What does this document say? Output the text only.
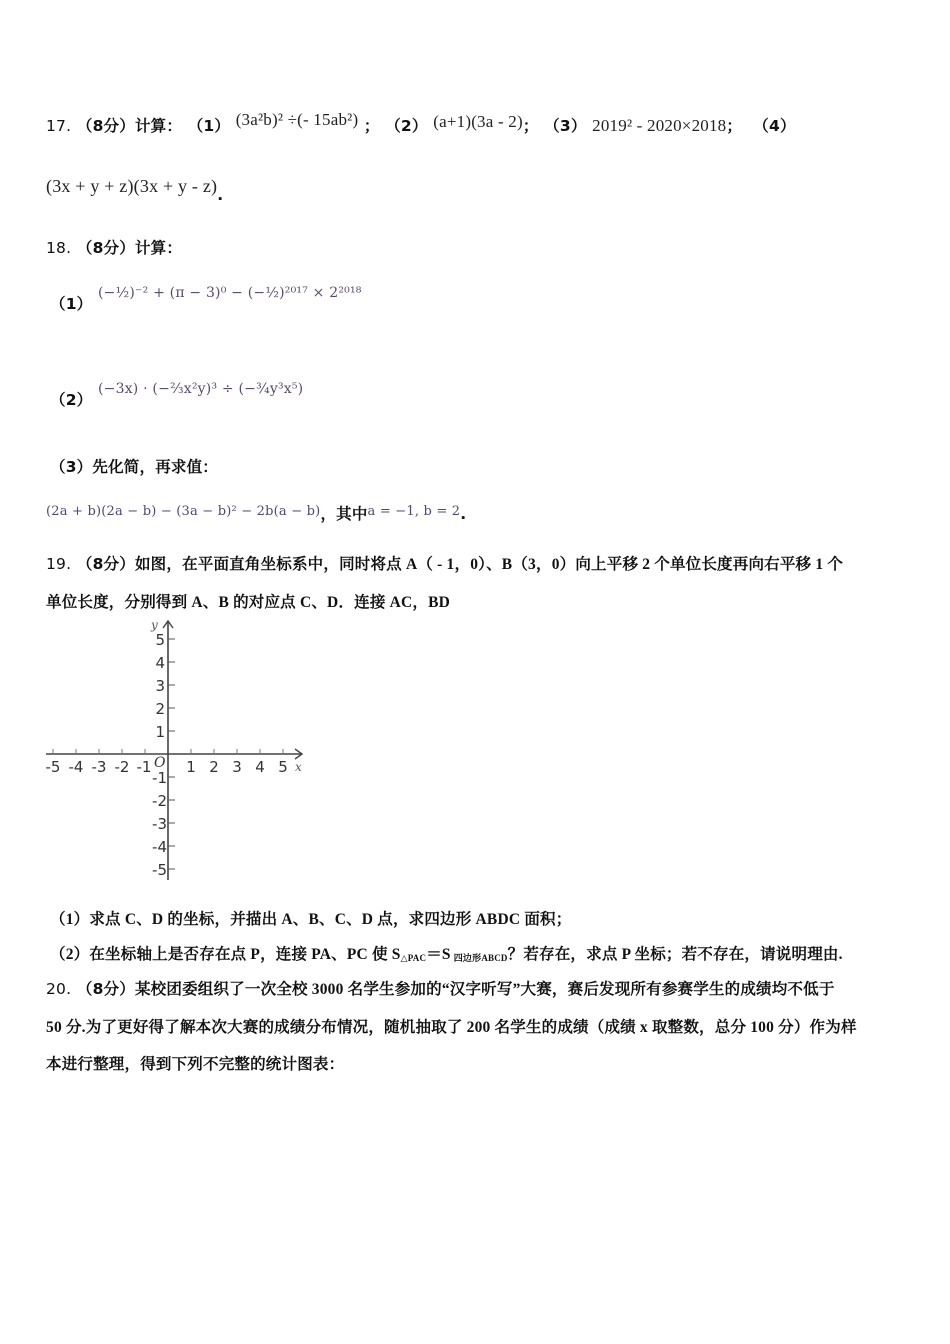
17. （8分）计算： （1） (3a²b)² ÷(- 15ab²) ； （2） (a+1)(3a - 2)； （3） 2019² - 2020×2018； （4）
(3x + y + z)(3x + y - z).
18. （8分）计算：
（1） (−½)⁻² + (π − 3)⁰ − (−½)²⁰¹⁷ × 2²⁰¹⁸
（2） (−3x) · (−⅔x²y)³ ÷ (−¾y³x⁵)
（3）先化简，再求值：
(2a + b)(2a − b) − (3a − b)² − 2b(a − b)，其中a = −1, b = 2.
19. （8分）如图，在平面直角坐标系中，同时将点 A（ - 1，0）、B（3，0）向上平移 2 个单位长度再向右平移 1 个
单位长度，分别得到 A、B 的对应点 C、D．连接 AC，BD
-5 -4 -3 -2 -1 1 2 3 4 5
5
4
3
2
1
-1
-2
-3
-4
-5
O	x
y
（1）求点 C、D 的坐标，并描出 A、B、C、D 点，求四边形 ABDC 面积；
（2）在坐标轴上是否存在点 P，连接 PA、PC 使 $S_{\triangle PAC}=S$ $_{四边形ABCD}$？若存在，求点 P 坐标；若不存在，请说明理由.
20. （8分）某校团委组织了一次全校 3000 名学生参加的“汉字听写”大赛，赛后发现所有参赛学生的成绩均不低于
50 分.为了更好得了解本次大赛的成绩分布情况，随机抽取了 200 名学生的成绩（成绩 x 取整数，总分 100 分）作为样
本进行整理，得到下列不完整的统计图表：
